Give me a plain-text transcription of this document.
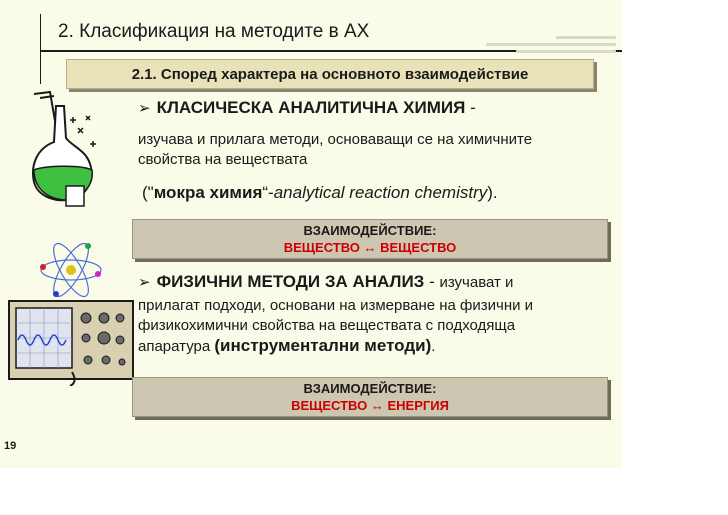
2. Класификация на методите в АХ
2.1. Според характера на основното взаимодействие
➢ КЛАСИЧЕСКА АНАЛИТИЧНА ХИМИЯ -
изучава и прилага методи, основаващи се на химичните
свойства на веществата
("мокра химия“-analytical reaction chemistry).
ВЗАИМОДЕЙСТВИЕ:
ВЕЩЕСТВО ↔ ВЕЩЕСТВО
➢ ФИЗИЧНИ МЕТОДИ ЗА АНАЛИЗ - изучават и
прилагат подходи, основани на измерване на физични и
физикохимични свойства на веществата с подходяща
апаратура (инструментални методи).
ВЗАИМОДЕЙСТВИЕ:
ВЕЩЕСТВО ↔ ЕНЕРГИЯ
19
